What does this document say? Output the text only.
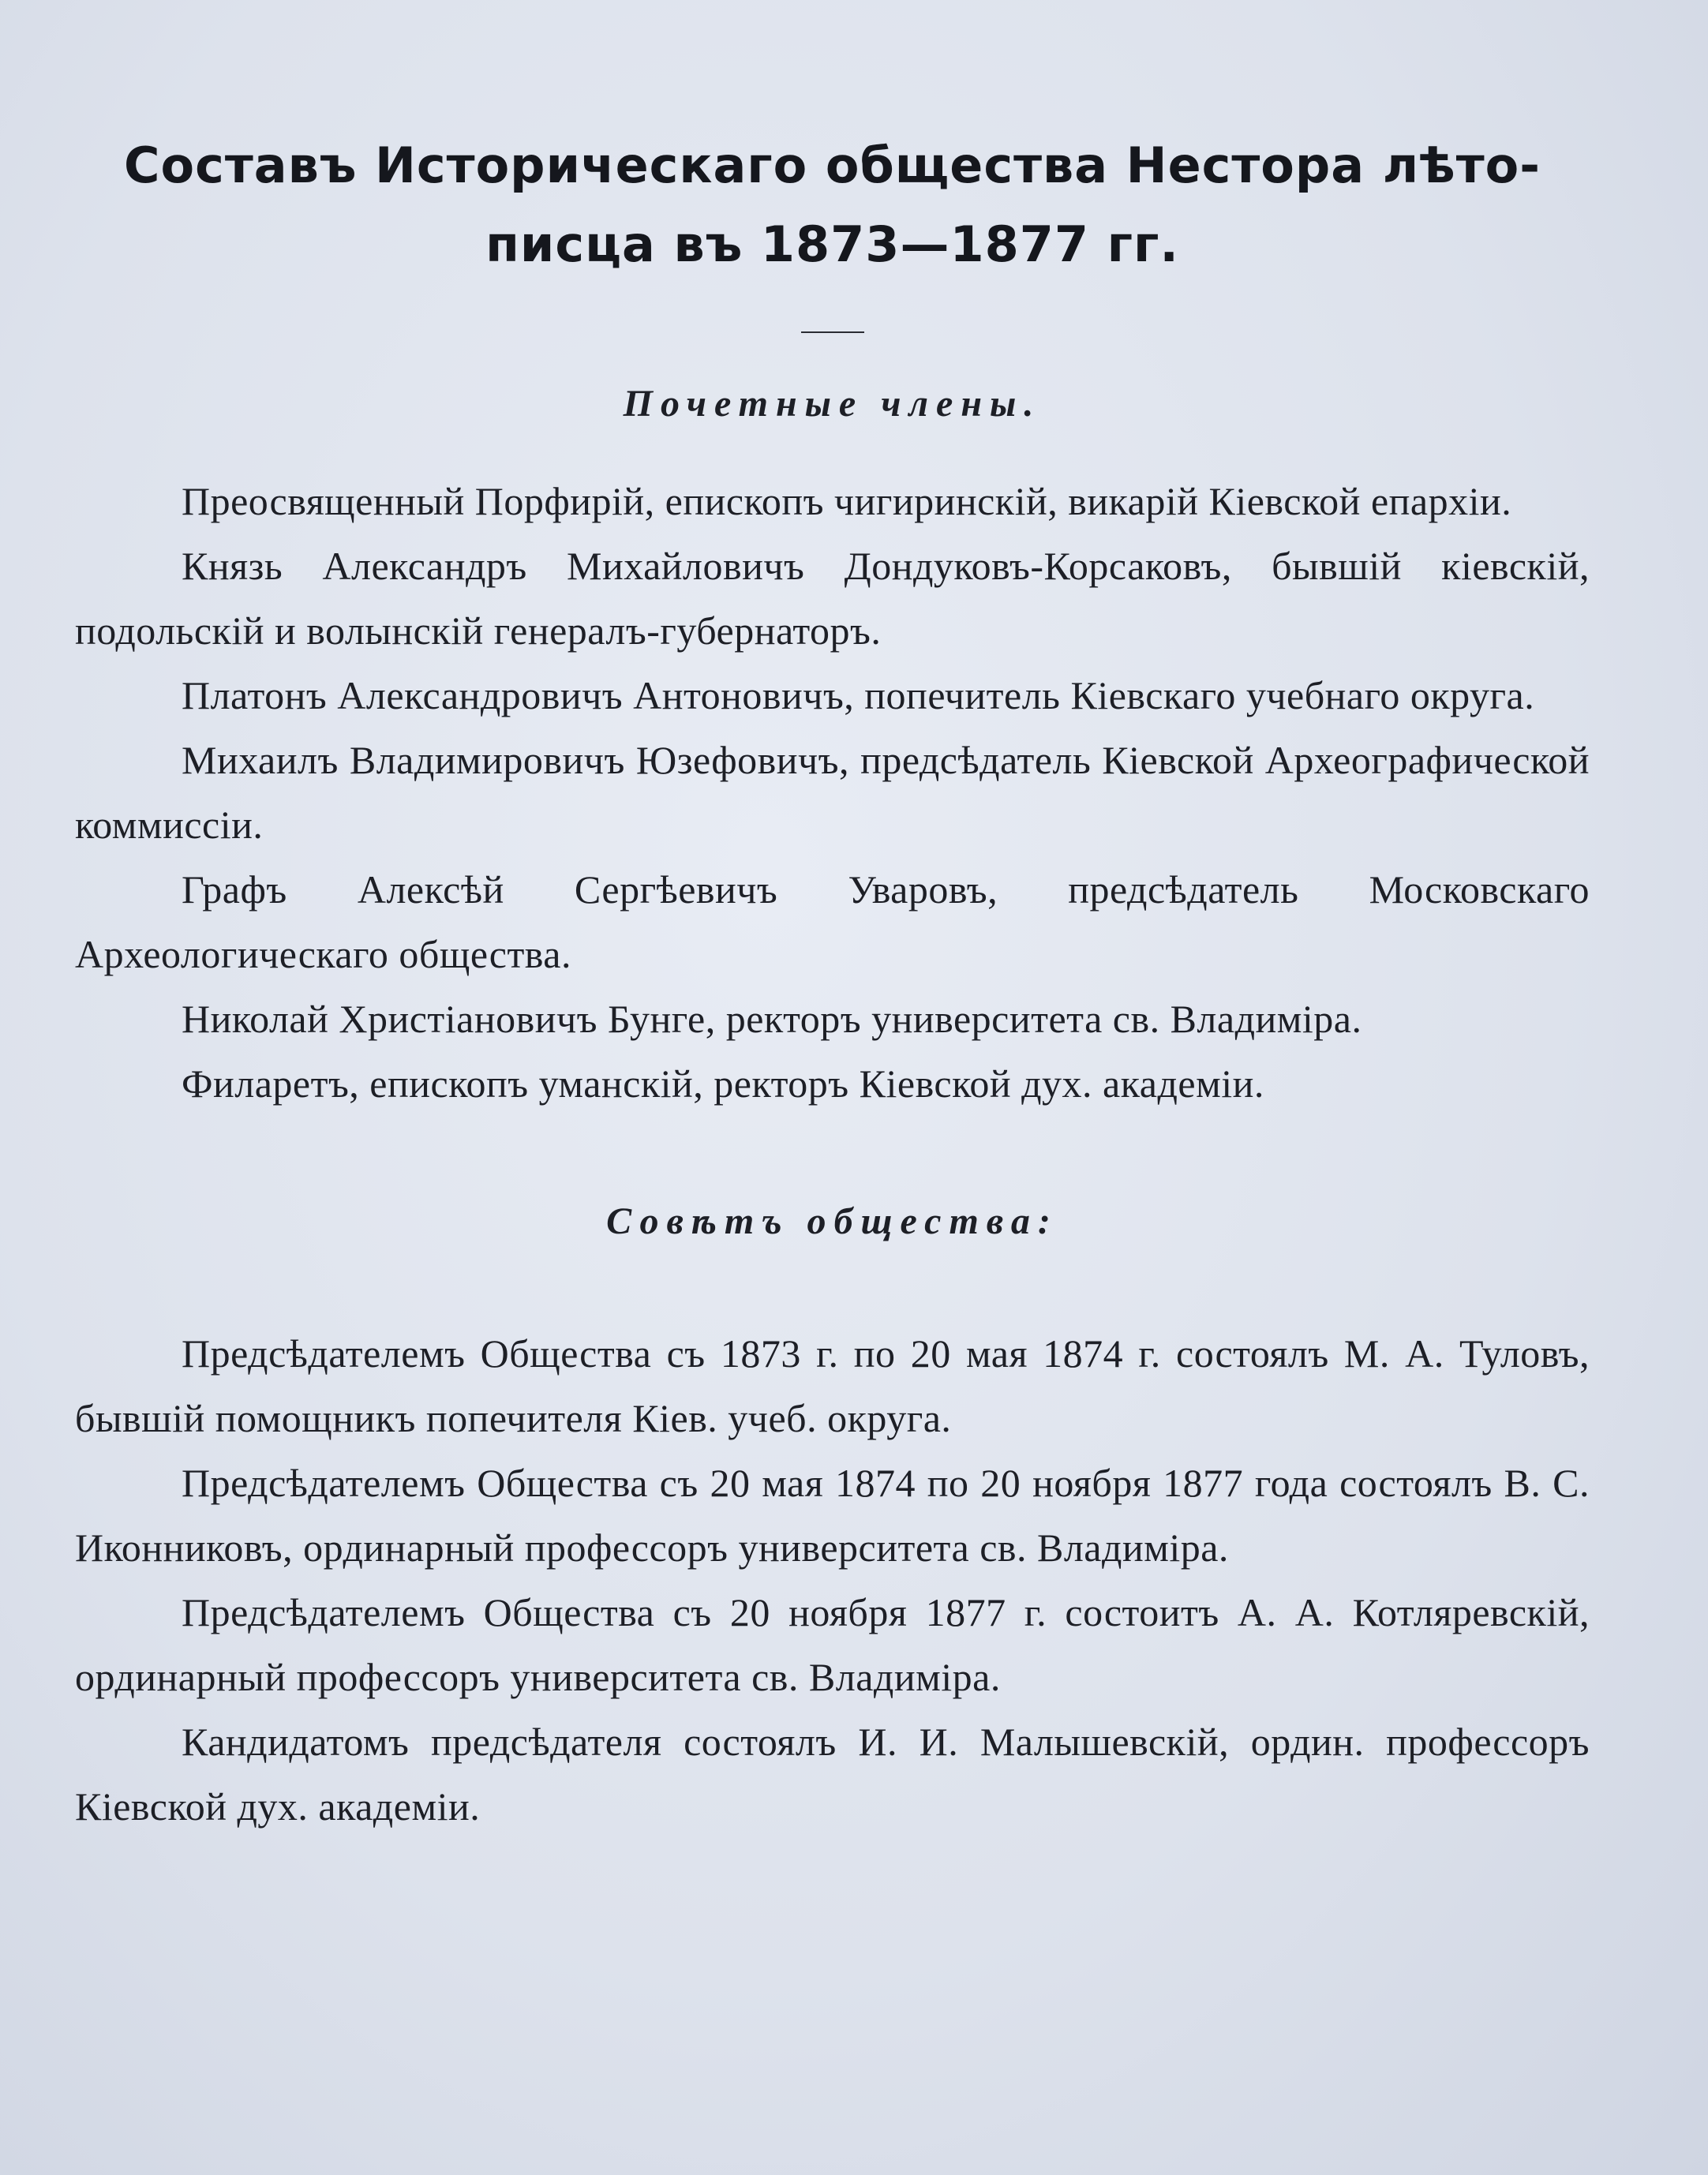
Составъ Историческаго общества Нестора лѣто-
писца въ 1873—1877 гг.
Почетные члены.

Преосвященный Порфирій, епископъ чигиринскій, викарій Кіевской епархіи.

Князь Александръ Михайловичъ Дондуковъ-Корсаковъ, бывшій кіевскій, подольскій и волынскій генералъ-губернаторъ.

Платонъ Александровичъ Антоновичъ, попечитель Кіевскаго учебнаго округа.

Михаилъ Владимировичъ Юзефовичъ, предсѣдатель Кіевской Археографической коммиссіи.

Графъ Алексѣй Сергѣевичъ Уваровъ, предсѣдатель Московскаго Археологическаго общества.

Николай Христіановичъ Бунге, ректоръ университета св. Владиміра.

Филаретъ, епископъ уманскій, ректоръ Кіевской дух. академіи.

Совѣтъ общества:

Предсѣдателемъ Общества съ 1873 г. по 20 мая 1874 г. состоялъ М. А. Туловъ, бывшій помощникъ попечителя Кіев. учеб. округа.

Предсѣдателемъ Общества съ 20 мая 1874 по 20 ноября 1877 года состоялъ В. С. Иконниковъ, ординарный профессоръ университета св. Владиміра.

Предсѣдателемъ Общества съ 20 ноября 1877 г. состоитъ А. А. Котляревскій, ординарный профессоръ университета св. Владиміра.

Кандидатомъ предсѣдателя состоялъ И. И. Малышевскій, ордин. профессоръ Кіевской дух. академіи.
